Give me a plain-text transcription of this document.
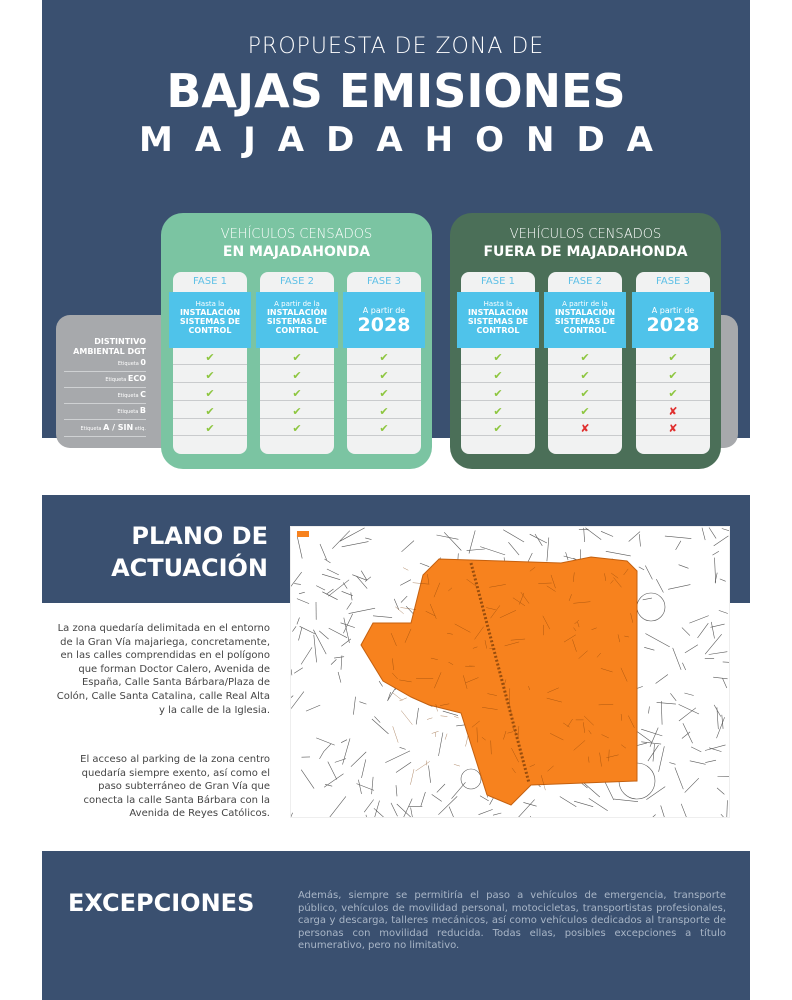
PROPUESTA DE ZONA DE
BAJAS EMISIONES
MAJADAHONDA
DISTINTIVO
AMBIENTAL DGT
Etiqueta 0
Etiqueta ECO
Etiqueta C
Etiqueta B
Etiqueta A / SIN etiq.
VEHÍCULOS CENSADOS
EN MAJADAHONDA
VEHÍCULOS CENSADOS
FUERA DE MAJADAHONDA
FASE 1
Hasta la
INSTALACIÓN SISTEMAS DE CONTROL
✔
✔
✔
✔
✔
FASE 2
A partir de la
INSTALACIÓN SISTEMAS DE CONTROL
✔
✔
✔
✔
✔
FASE 3
A partir de
2028
✔
✔
✔
✔
✔
FASE 1
Hasta la
INSTALACIÓN SISTEMAS DE CONTROL
✔
✔
✔
✔
✔
FASE 2
A partir de la
INSTALACIÓN SISTEMAS DE CONTROL
✔
✔
✔
✔
✘
FASE 3
A partir de
2028
✔
✔
✔
✘
✘
PLANO DE
ACTUACIÓN
La zona quedaría delimitada en el entorno de la Gran Vía majariega, concretamente, en las calles comprendidas en el polígono que forman Doctor Calero, Avenida de España, Calle Santa Bárbara/Plaza de Colón, Calle Santa Catalina, calle Real Alta y la calle de la Iglesia.
El acceso al parking de la zona centro quedaría siempre exento, así como el paso subterráneo de Gran Vía que conecta la calle Santa Bárbara con la Avenida de Reyes Católicos.
EXCEPCIONES	Además, siempre se permitiría el paso a vehículos de emergencia, transporte público, vehículos de movilidad personal, motocicletas, transportistas profesionales, carga y descarga, talleres mecánicos, así como vehículos dedicados al transporte de personas con movilidad reducida. Todas ellas, posibles excepciones a título enumerativo, pero no limitativo.
